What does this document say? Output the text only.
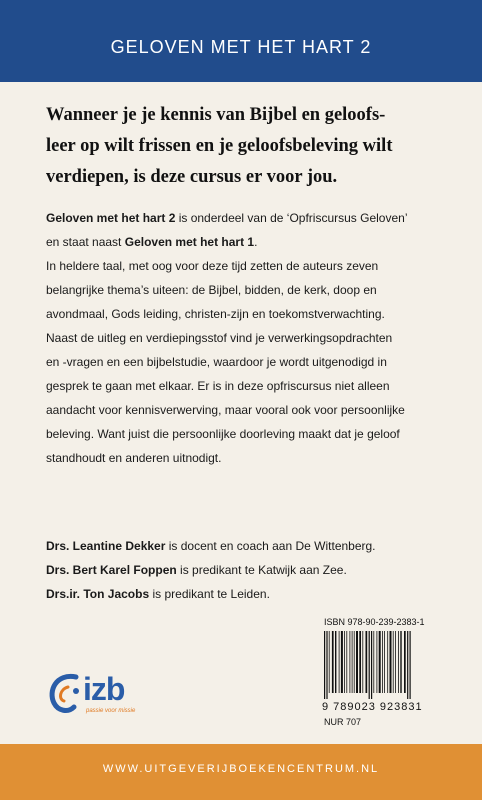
GELOVEN MET HET HART 2
Wanneer je je kennis van Bijbel en geloofs-
leer op wilt frissen en je geloofsbeleving wilt
verdiepen, is deze cursus er voor jou.

Geloven met het hart 2 is onderdeel van de ‘Opfriscursus Geloven’

en staat naast Geloven met het hart 1.

In heldere taal, met oog voor deze tijd zetten de auteurs zeven

belangrijke thema’s uiteen: de Bijbel, bidden, de kerk, doop en

avondmaal, Gods leiding, christen-zijn en toekomstverwachting.

Naast de uitleg en verdiepingsstof vind je verwerkingsopdrachten

en -vragen en een bijbelstudie, waardoor je wordt uitgenodigd in

gesprek te gaan met elkaar. Er is in deze opfriscursus niet alleen

aandacht voor kennisverwerving, maar vooral ook voor persoonlijke

beleving. Want juist die persoonlijke doorleving maakt dat je geloof

standhoudt en anderen uitnodigt.

Drs. Leantine Dekker is docent en coach aan De Wittenberg.
Drs. Bert Karel Foppen is predikant te Katwijk aan Zee.
Drs.ir. Ton Jacobs is predikant te Leiden.
izb
passie voor missie
ISBN 978-90-239-2383-1
9 789023 923831
NUR 707
WWW.UITGEVERIJBOEKENCENTRUM.NL
